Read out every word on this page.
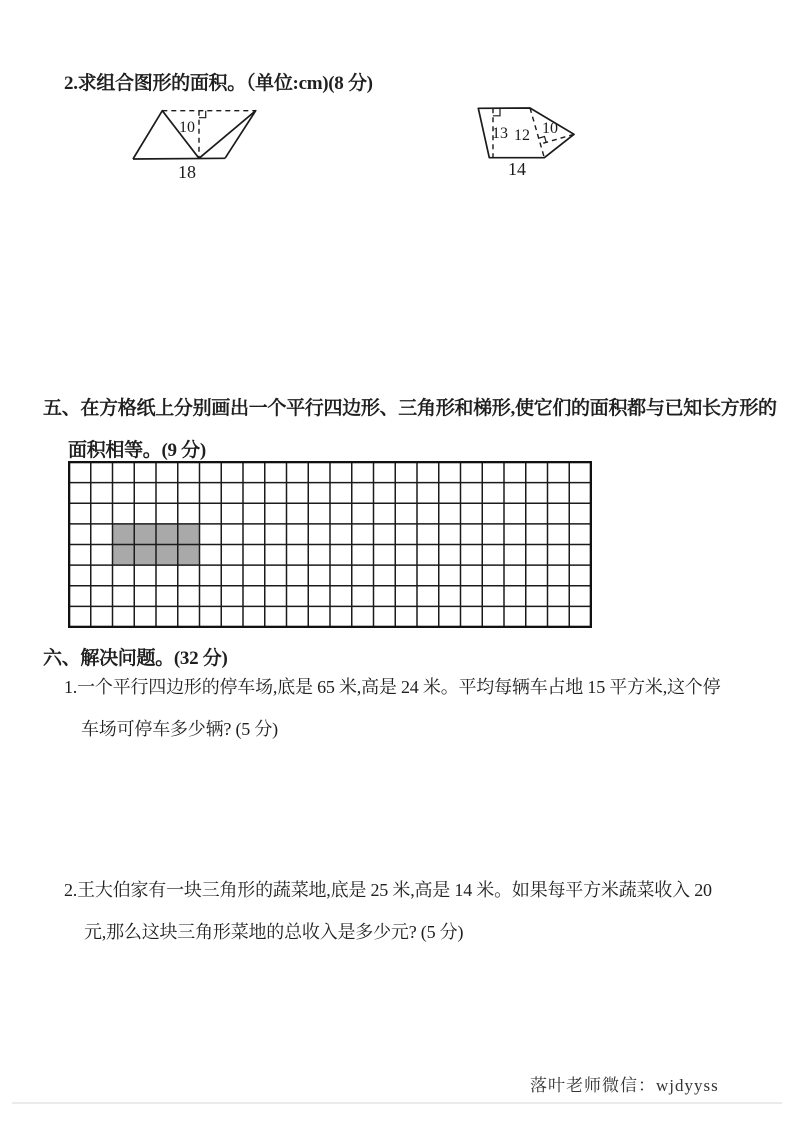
2.求组合图形的面积。（单位:cm)(8 分)
10
18
13 12 10
14
五、在方格纸上分别画出一个平行四边形、三角形和梯形,使它们的面积都与已知长方形的
面积相等。(9 分)
六、解决问题。(32 分)
1.一个平行四边形的停车场,底是 65 米,高是 24 米。平均每辆车占地 15 平方米,这个停
车场可停车多少辆? (5 分)
2.王大伯家有一块三角形的蔬菜地,底是 25 米,高是 14 米。如果每平方米蔬菜收入 20
元,那么这块三角形菜地的总收入是多少元? (5 分)
落叶老师微信：wjdyyss
